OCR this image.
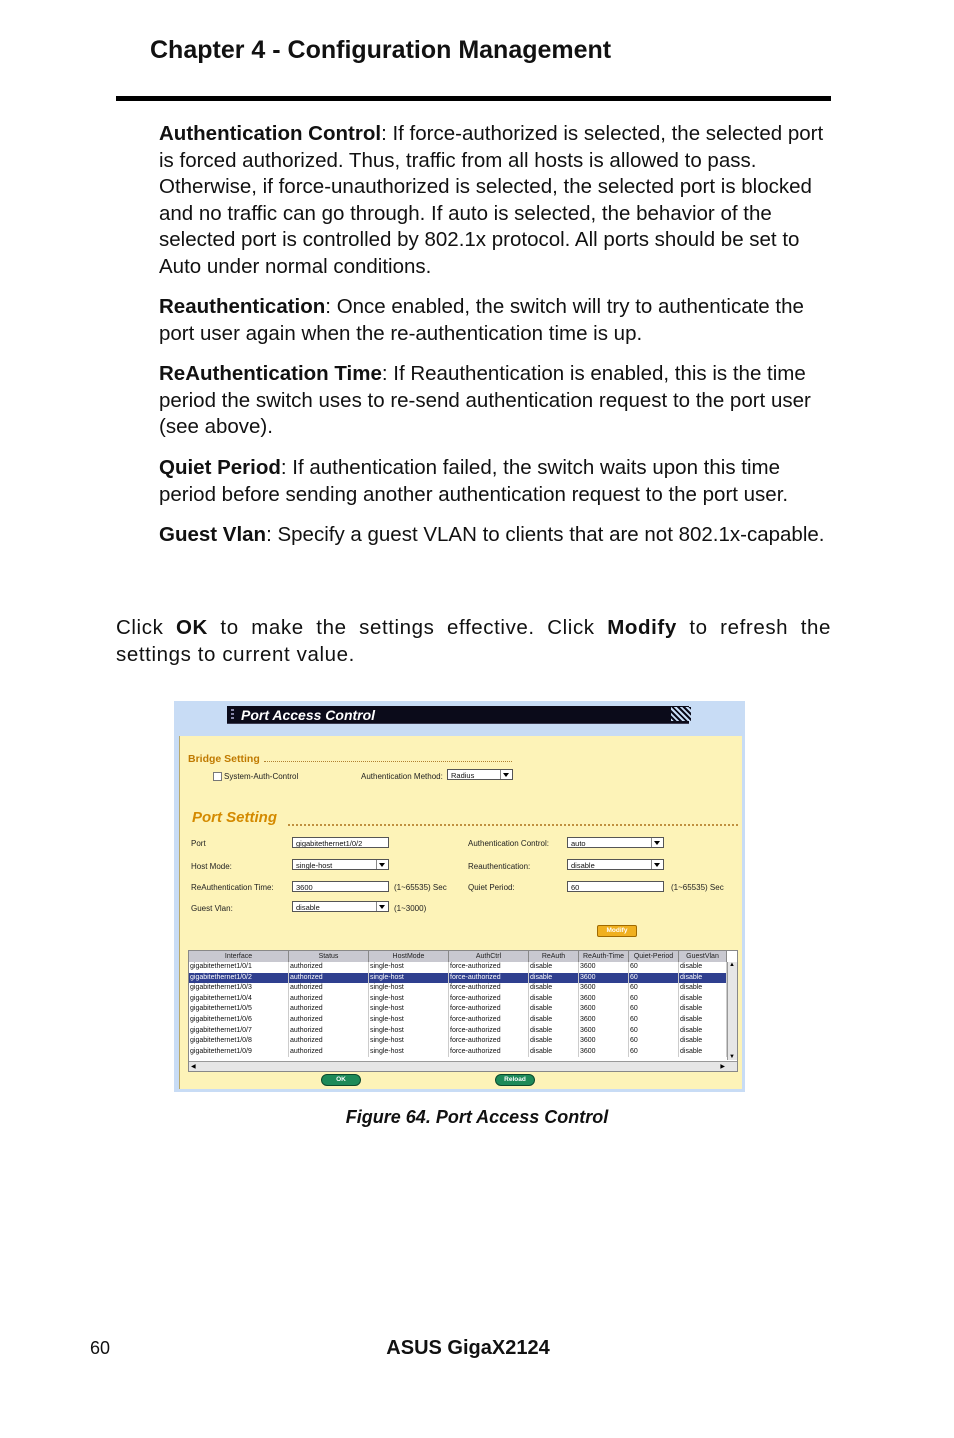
Chapter 4 - Configuration Management
Authentication Control: If force-authorized is selected, the selected port is forced authorized. Thus, traffic from all hosts is allowed to pass. Otherwise, if force-unauthorized is selected, the selected port is blocked and no traffic can go through. If auto is selected, the behavior of the selected port is controlled by 802.1x protocol. All ports should be set to Auto under normal conditions.
Reauthentication: Once enabled, the switch will try to authenticate the port user again when the re-authentication time is up.
ReAuthentication Time: If Reauthentication is enabled, this is the time period the switch uses to re-send authentication request to the port user (see above).
Quiet Period: If authentication failed, the switch waits upon this time period before sending another authentication request to the port user.
Guest Vlan: Specify a guest VLAN to clients that are not 802.1x-capable.
Click OK to make the settings effective. Click Modify to refresh the settings to current value.
Port Access Control
Bridge Setting
System-Auth-Control	Authentication Method:	Radius
Port Setting
Port	gigabitethernet1/0/2	Authentication Control:	auto
Host Mode:	single-host	Reauthentication:	disable
ReAuthentication Time:	3600	(1~65535) Sec	Quiet Period:	60	(1~65535) Sec
Guest Vlan:	disable	(1~3000)
Modify
Interface	Status	HostMode	AuthCtrl	ReAuth	ReAuth-Time	Quiet-Period	GuestVlan
▲
▼
◀	▶
gigabitethernet1/0/1	authorized	single-host	force-authorized	disable	3600	60	disable
gigabitethernet1/0/2	authorized	single-host	force-authorized	disable	3600	60	disable
gigabitethernet1/0/3	authorized	single-host	force-authorized	disable	3600	60	disable
gigabitethernet1/0/4	authorized	single-host	force-authorized	disable	3600	60	disable
gigabitethernet1/0/5	authorized	single-host	force-authorized	disable	3600	60	disable
gigabitethernet1/0/6	authorized	single-host	force-authorized	disable	3600	60	disable
gigabitethernet1/0/7	authorized	single-host	force-authorized	disable	3600	60	disable
gigabitethernet1/0/8	authorized	single-host	force-authorized	disable	3600	60	disable
gigabitethernet1/0/9	authorized	single-host	force-authorized	disable	3600	60	disable
OK	Reload
Figure 64. Port Access Control
60	ASUS GigaX2124
